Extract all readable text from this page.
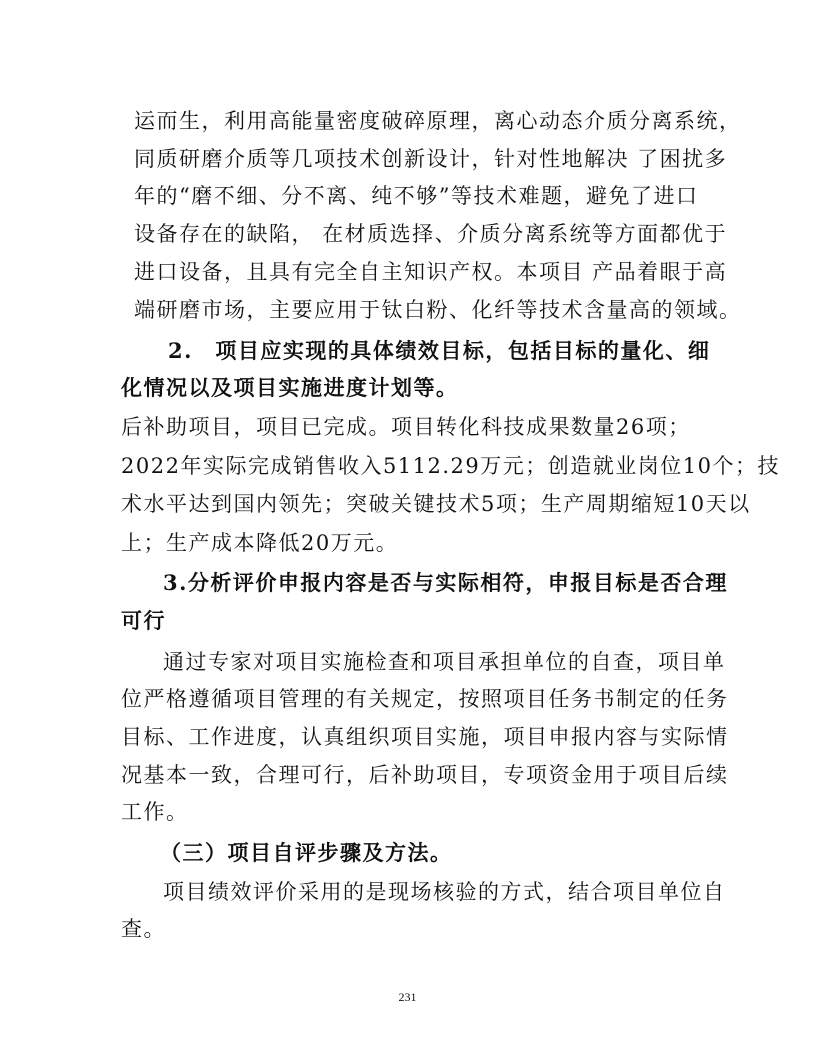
运而生，利用高能量密度破碎原理，离心动态介质分离系统，
同质研磨介质等几项技术创新设计，针对性地解决 了困扰多
年的“磨不细、分不离、纯不够”等技术难题，避免了进口
设备存在的缺陷， 在材质选择、介质分离系统等方面都优于
进口设备，且具有完全自主知识产权。本项目 产品着眼于高
端研磨市场，主要应用于钛白粉、化纤等技术含量高的领域。
2.　项目应实现的具体绩效目标，包括目标的量化、细
化情况以及项目实施进度计划等。
后补助项目，项目已完成。项目转化科技成果数量26项；
2022年实际完成销售收入5112.29万元；创造就业岗位10个；技
术水平达到国内领先；突破关键技术5项；生产周期缩短10天以
上；生产成本降低20万元。
3.分析评价申报内容是否与实际相符，申报目标是否合理
可行
通过专家对项目实施检查和项目承担单位的自查，项目单
位严格遵循项目管理的有关规定，按照项目任务书制定的任务
目标、工作进度，认真组织项目实施，项目申报内容与实际情
况基本一致，合理可行，后补助项目，专项资金用于项目后续
工作。
（三）项目自评步骤及方法。
项目绩效评价采用的是现场核验的方式，结合项目单位自
查。
231
